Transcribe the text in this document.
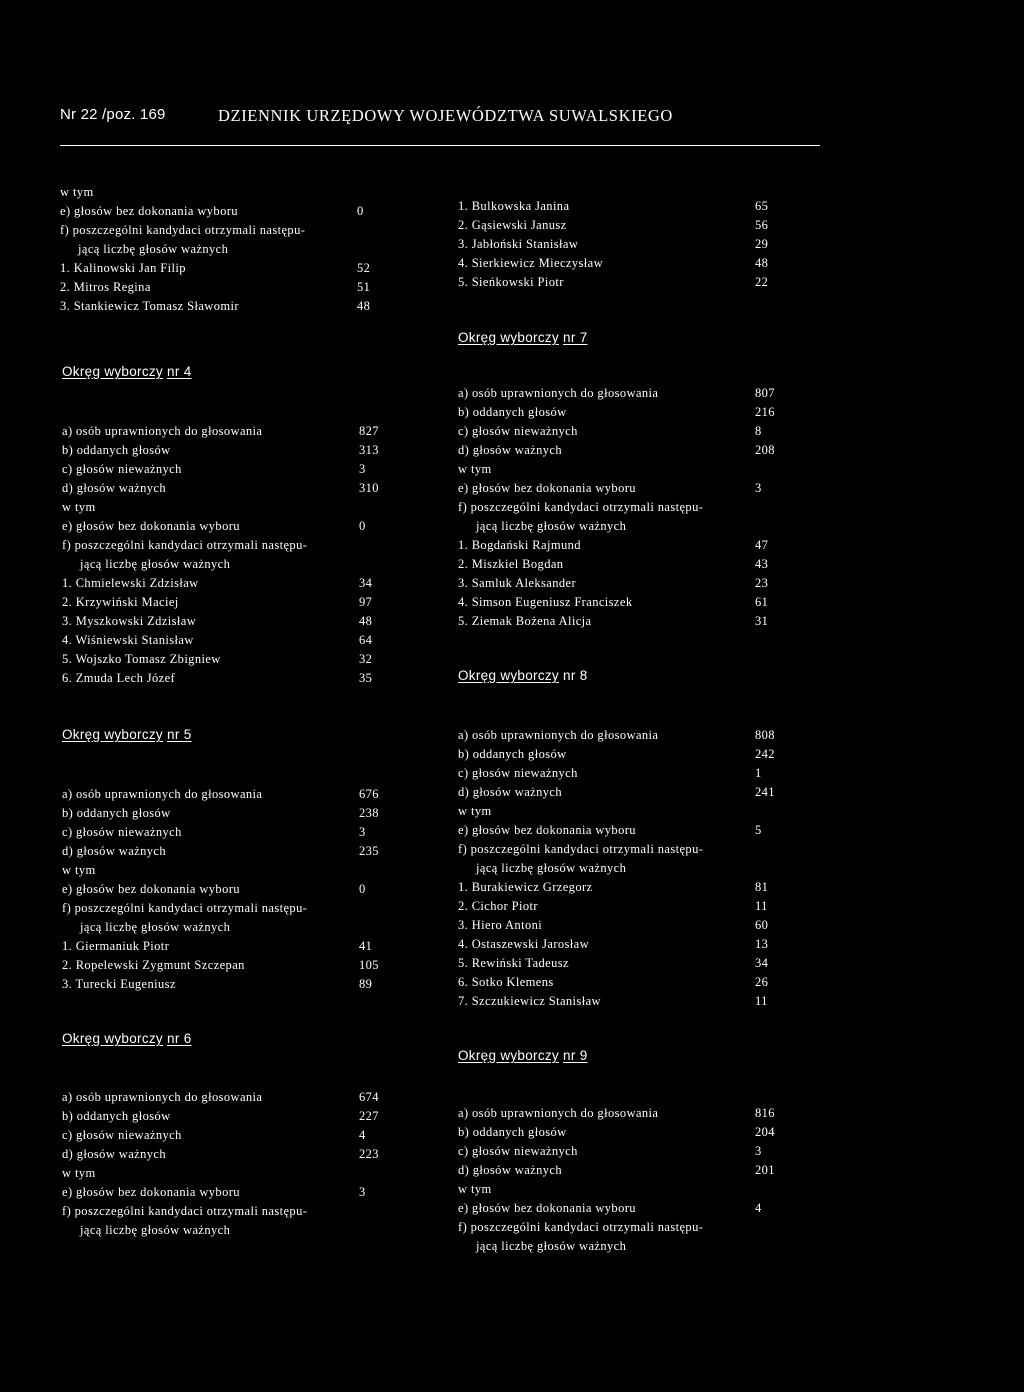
Nr 22 /poz. 169	DZIENNIK URZĘDOWY WOJEWÓDZTWA SUWALSKIEGO
w tym
e) głosów bez dokonania wyboru	0
f) poszczególni kandydaci otrzymali następu-
jącą liczbę głosów ważnych
1. Kalinowski Jan Filip	52
2. Mitros Regina	51
3. Stankiewicz Tomasz Sławomir	48
Okręg wyborczy nr 4
a) osób uprawnionych do głosowania	827
b) oddanych głosów	313
c) głosów nieważnych	3
d) głosów ważnych	310
w tym
e) głosów bez dokonania wyboru	0
f) poszczególni kandydaci otrzymali następu-
jącą liczbę głosów ważnych
1. Chmielewski Zdzisław	34
2. Krzywiński Maciej	97
3. Myszkowski Zdzisław	48
4. Wiśniewski Stanisław	64
5. Wojszko Tomasz Zbigniew	32
6. Zmuda Lech Józef	35
Okręg wyborczy nr 5
a) osób uprawnionych do głosowania	676
b) oddanych głosów	238
c) głosów nieważnych	3
d) głosów ważnych	235
w tym
e) głosów bez dokonania wyboru	0
f) poszczególni kandydaci otrzymali następu-
jącą liczbę głosów ważnych
1. Giermaniuk Piotr	41
2. Ropelewski Zygmunt Szczepan	105
3. Turecki Eugeniusz	89
Okręg wyborczy nr 6
a) osób uprawnionych do głosowania	674
b) oddanych głosów	227
c) głosów nieważnych	4
d) głosów ważnych	223
w tym
e) głosów bez dokonania wyboru	3
f) poszczególni kandydaci otrzymali następu-
jącą liczbę głosów ważnych
1. Bulkowska Janina	65
2. Gąsiewski Janusz	56
3. Jabłoński Stanisław	29
4. Sierkiewicz Mieczysław	48
5. Sieńkowski Piotr	22
Okręg wyborczy nr 7
a) osób uprawnionych do głosowania	807
b) oddanych głosów	216
c) głosów nieważnych	8
d) głosów ważnych	208
w tym
e) głosów bez dokonania wyboru	3
f) poszczególni kandydaci otrzymali następu-
jącą liczbę głosów ważnych
1. Bogdański Rajmund	47
2. Miszkiel Bogdan	43
3. Samluk Aleksander	23
4. Simson Eugeniusz Franciszek	61
5. Ziemak Bożena Alicja	31
Okręg wyborczy nr 8
a) osób uprawnionych do głosowania	808
b) oddanych głosów	242
c) głosów nieważnych	1
d) głosów ważnych	241
w tym
e) głosów bez dokonania wyboru	5
f) poszczególni kandydaci otrzymali następu-
jącą liczbę głosów ważnych
1. Burakiewicz Grzegorz	81
2. Cichor Piotr	11
3. Hiero Antoni	60
4. Ostaszewski Jarosław	13
5. Rewiński Tadeusz	34
6. Sotko Klemens	26
7. Szczukiewicz Stanisław	11
Okręg wyborczy nr 9
a) osób uprawnionych do głosowania	816
b) oddanych głosów	204
c) głosów nieważnych	3
d) głosów ważnych	201
w tym
e) głosów bez dokonania wyboru	4
f) poszczególni kandydaci otrzymali następu-
jącą liczbę głosów ważnych
